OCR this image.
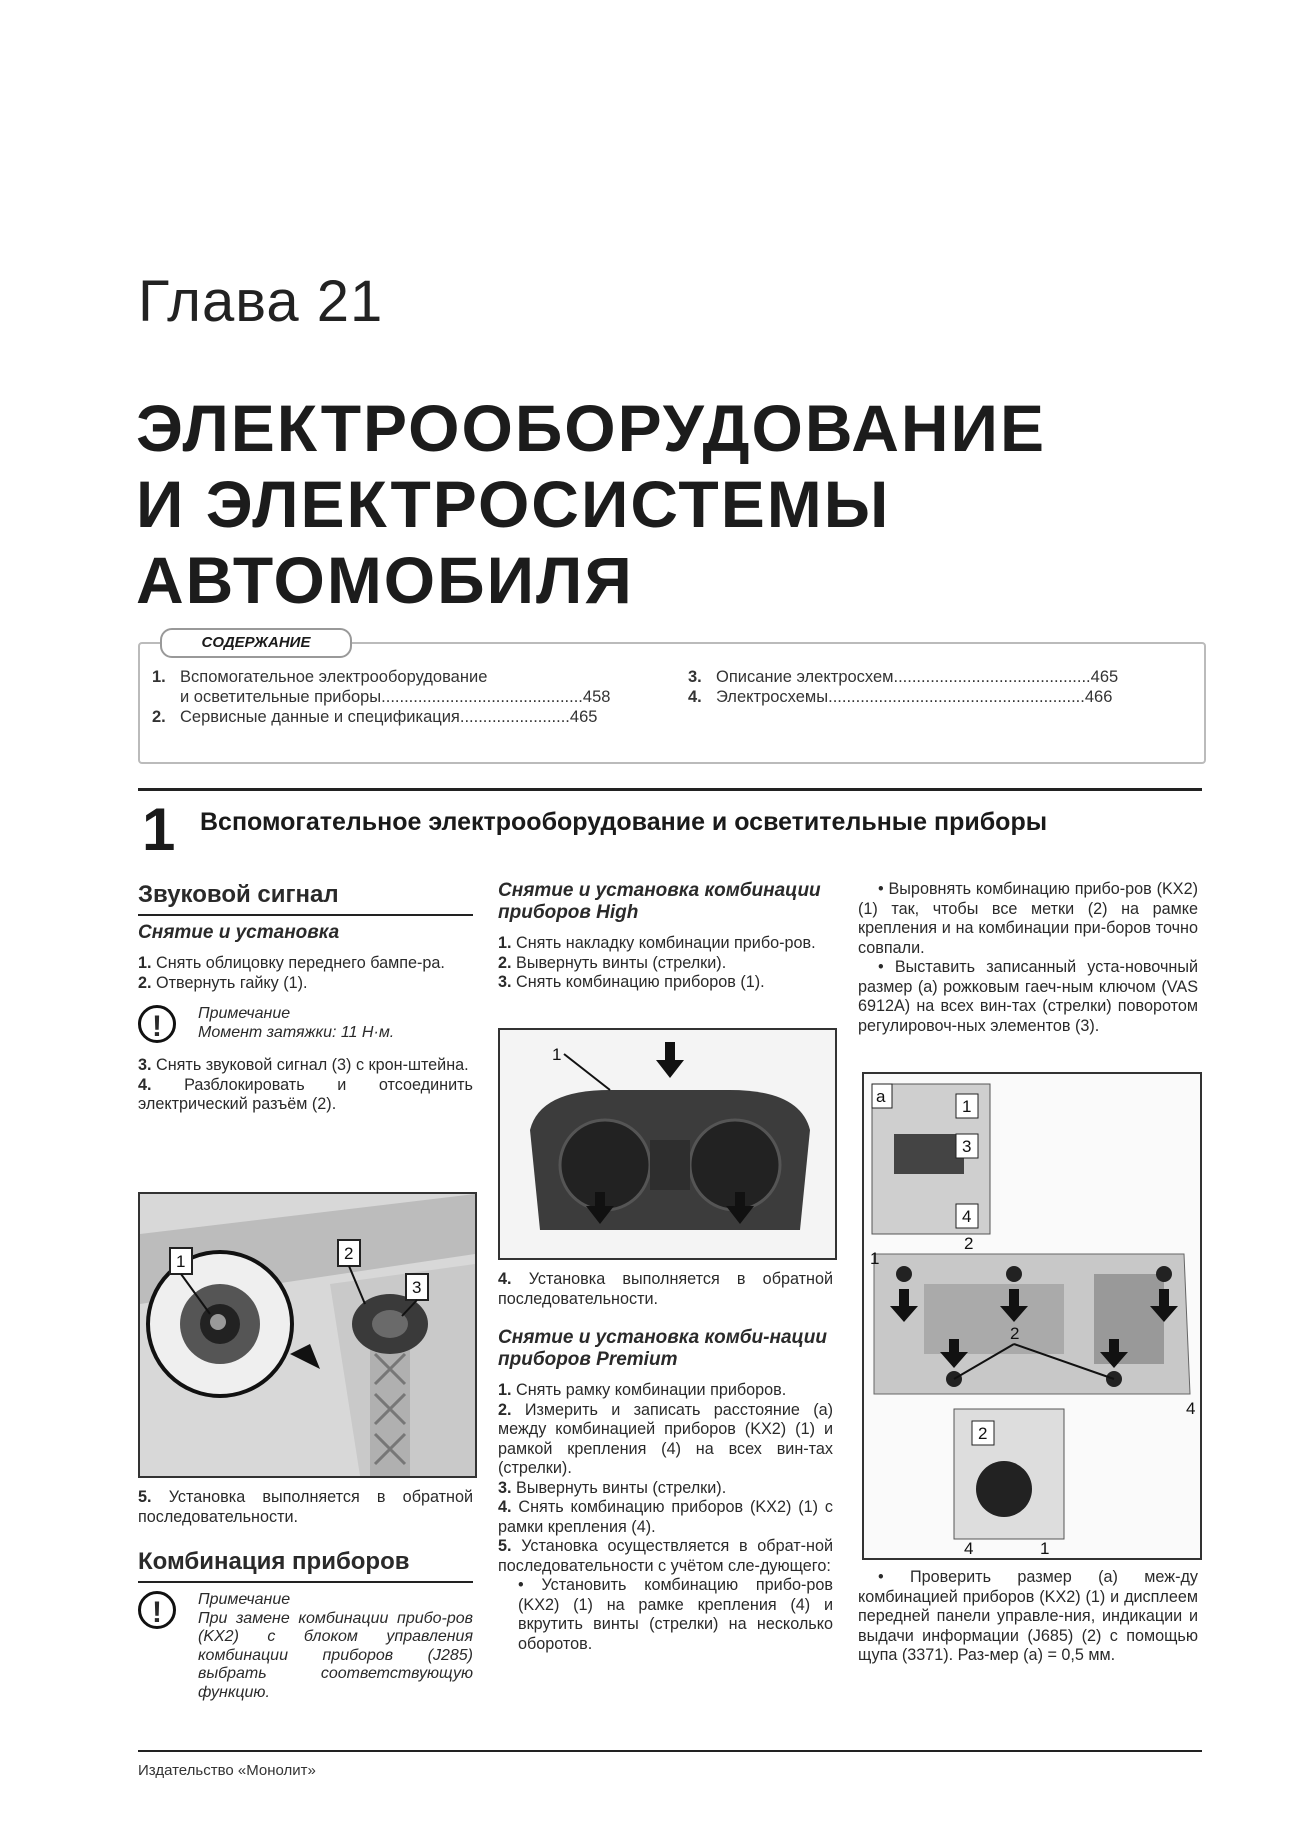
Глава 21
ЭЛЕКТРООБОРУДОВАНИЕ
И ЭЛЕКТРОСИСТЕМЫ
АВТОМОБИЛЯ
1. Вспомогательное электрооборудование
и осветительные приборы............................................458
2. Сервисные данные и спецификация........................465
3. Описание электросхем...........................................465
4. Электросхемы........................................................466
СОДЕРЖАНИЕ
1 Вспомогательное электрооборудование и осветительные приборы
Звуковой сигнал
Снятие и установка

1. Снять облицовку переднего бампе-ра.

2. Отвернуть гайку (1).

!	Примечание
Момент затяжки: 11 Н·м.

3. Снять звуковой сигнал (3) с крон-штейна.

4. Разблокировать и отсоединить электрический разъём (2).

1	2
3

5. Установка выполняется в обратной последовательности.

Комбинация приборов
!	Примечание
При замене комбинации прибо-ров (KX2) с блоком управления комбинации приборов (J285) выбрать соответствующую функцию.
Снятие и установка комбинации приборов High

1. Снять накладку комбинации прибо-ров.

2. Вывернуть винты (стрелки).

3. Снять комбинацию приборов (1).

1

4. Установка выполняется в обратной последовательности.

Снятие и установка комби-нации приборов Premium

1. Снять рамку комбинации приборов.

2. Измерить и записать расстояние (a) между комбинацией приборов (KX2) (1) и рамкой крепления (4) на всех вин-тах (стрелки).

3. Вывернуть винты (стрелки).

4. Снять комбинацию приборов (KX2) (1) с рамки крепления (4).

5. Установка осуществляется в обрат-ной последовательности с учётом сле-дующего:

• Установить комбинацию прибо-ров (KX2) (1) на рамке крепления (4) и вкрутить винты (стрелки) на несколько оборотов.

• Выровнять комбинацию прибо-ров (KX2) (1) так, чтобы все метки (2) на рамке крепления и на комбинации при-боров точно совпали.

• Выставить записанный уста-новочный размер (a) рожковым гаеч-ным ключом (VAS 6912A) на всех вин-тах (стрелки) поворотом регулировоч-ных элементов (3).

a
1
3
4
1
2
2
4
2
4	1

• Проверить размер (a) меж-ду комбинацией приборов (KX2) (1) и дисплеем передней панели управле-ния, индикации и выдачи информации (J685) (2) с помощью щупа (3371). Раз-мер (a) = 0,5 мм.

Издательство «Монолит»
